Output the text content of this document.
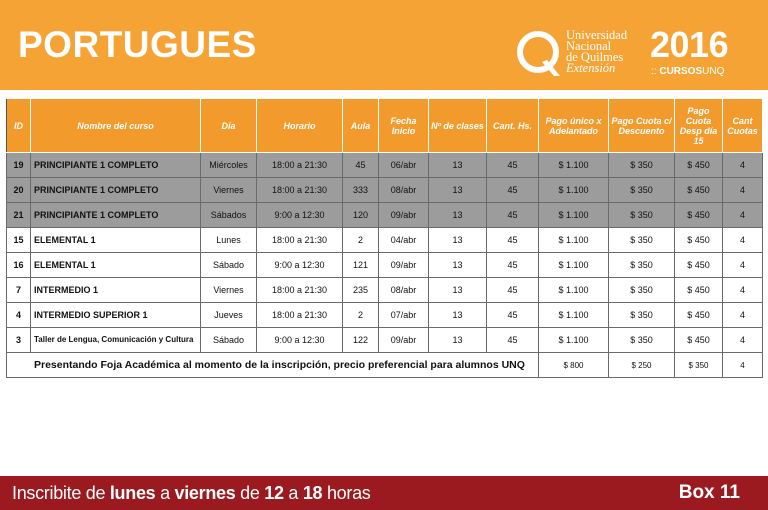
PORTUGUES	Universidad
Nacional
de Quilmes
Extensión
2016
:: CURSOSUNQ
ID	Nombre del curso	Día	Horario	Aula	Fecha Inicio	Nº de clases	Cant. Hs.	Pago único x Adelantado	Pago Cuota c/ Descuento	Pago Cuota Desp día 15	Cant Cuotas
19	PRINCIPIANTE 1 COMPLETO	Miércoles	18:00 a 21:30	45	06/abr	13	45	$ 1.100	$ 350	$ 450	4
20	PRINCIPIANTE 1 COMPLETO	Viernes	18:00 a 21:30	333	08/abr	13	45	$ 1.100	$ 350	$ 450	4
21	PRINCIPIANTE 1 COMPLETO	Sábados	9:00 a 12:30	120	09/abr	13	45	$ 1.100	$ 350	$ 450	4
15	ELEMENTAL 1	Lunes	18:00 a 21:30	2	04/abr	13	45	$ 1.100	$ 350	$ 450	4
16	ELEMENTAL 1	Sábado	9:00 a 12:30	121	09/abr	13	45	$ 1.100	$ 350	$ 450	4
7	INTERMEDIO 1	Viernes	18:00 a 21:30	235	08/abr	13	45	$ 1.100	$ 350	$ 450	4
4	INTERMEDIO SUPERIOR 1	Jueves	18:00 a 21:30	2	07/abr	13	45	$ 1.100	$ 350	$ 450	4
3	Taller de Lengua, Comunicación y Cultura	Sábado	9:00 a 12:30	122	09/abr	13	45	$ 1.100	$ 350	$ 450	4
Presentando Foja Académica al momento de la inscripción, precio preferencial para alumnos UNQ								$ 800	$ 250	$ 350	4
Inscribite de lunes a viernes de 12 a 18 horas	Box 11
